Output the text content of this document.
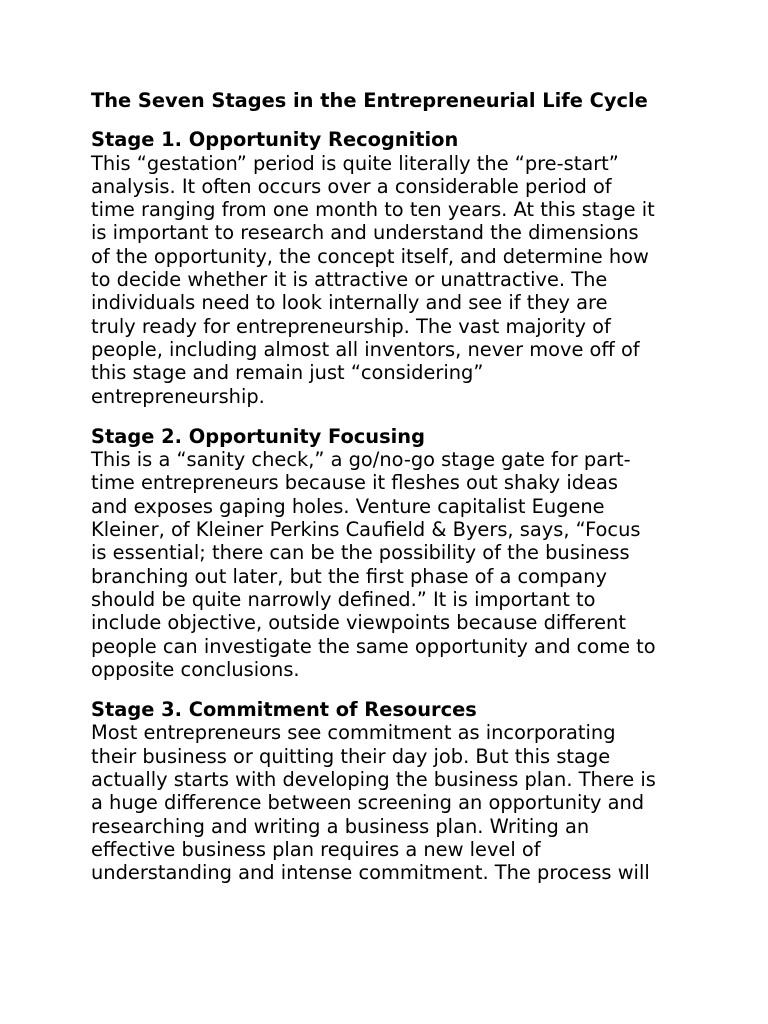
The Seven Stages in the Entrepreneurial Life Cycle
Stage 1. Opportunity Recognition
This “gestation” period is quite literally the “pre-start”
analysis. It often occurs over a considerable period of
time ranging from one month to ten years. At this stage it
is important to research and understand the dimensions
of the opportunity, the concept itself, and determine how
to decide whether it is attractive or unattractive. The
individuals need to look internally and see if they are
truly ready for entrepreneurship. The vast majority of
people, including almost all inventors, never move off of
this stage and remain just “considering”
entrepreneurship.
Stage 2. Opportunity Focusing
This is a “sanity check,” a go/no-go stage gate for part-
time entrepreneurs because it fleshes out shaky ideas
and exposes gaping holes. Venture capitalist Eugene
Kleiner, of Kleiner Perkins Caufield & Byers, says, “Focus
is essential; there can be the possibility of the business
branching out later, but the first phase of a company
should be quite narrowly defined.” It is important to
include objective, outside viewpoints because different
people can investigate the same opportunity and come to
opposite conclusions.
Stage 3. Commitment of Resources
Most entrepreneurs see commitment as incorporating
their business or quitting their day job. But this stage
actually starts with developing the business plan. There is
a huge difference between screening an opportunity and
researching and writing a business plan. Writing an
effective business plan requires a new level of
understanding and intense commitment. The process will
